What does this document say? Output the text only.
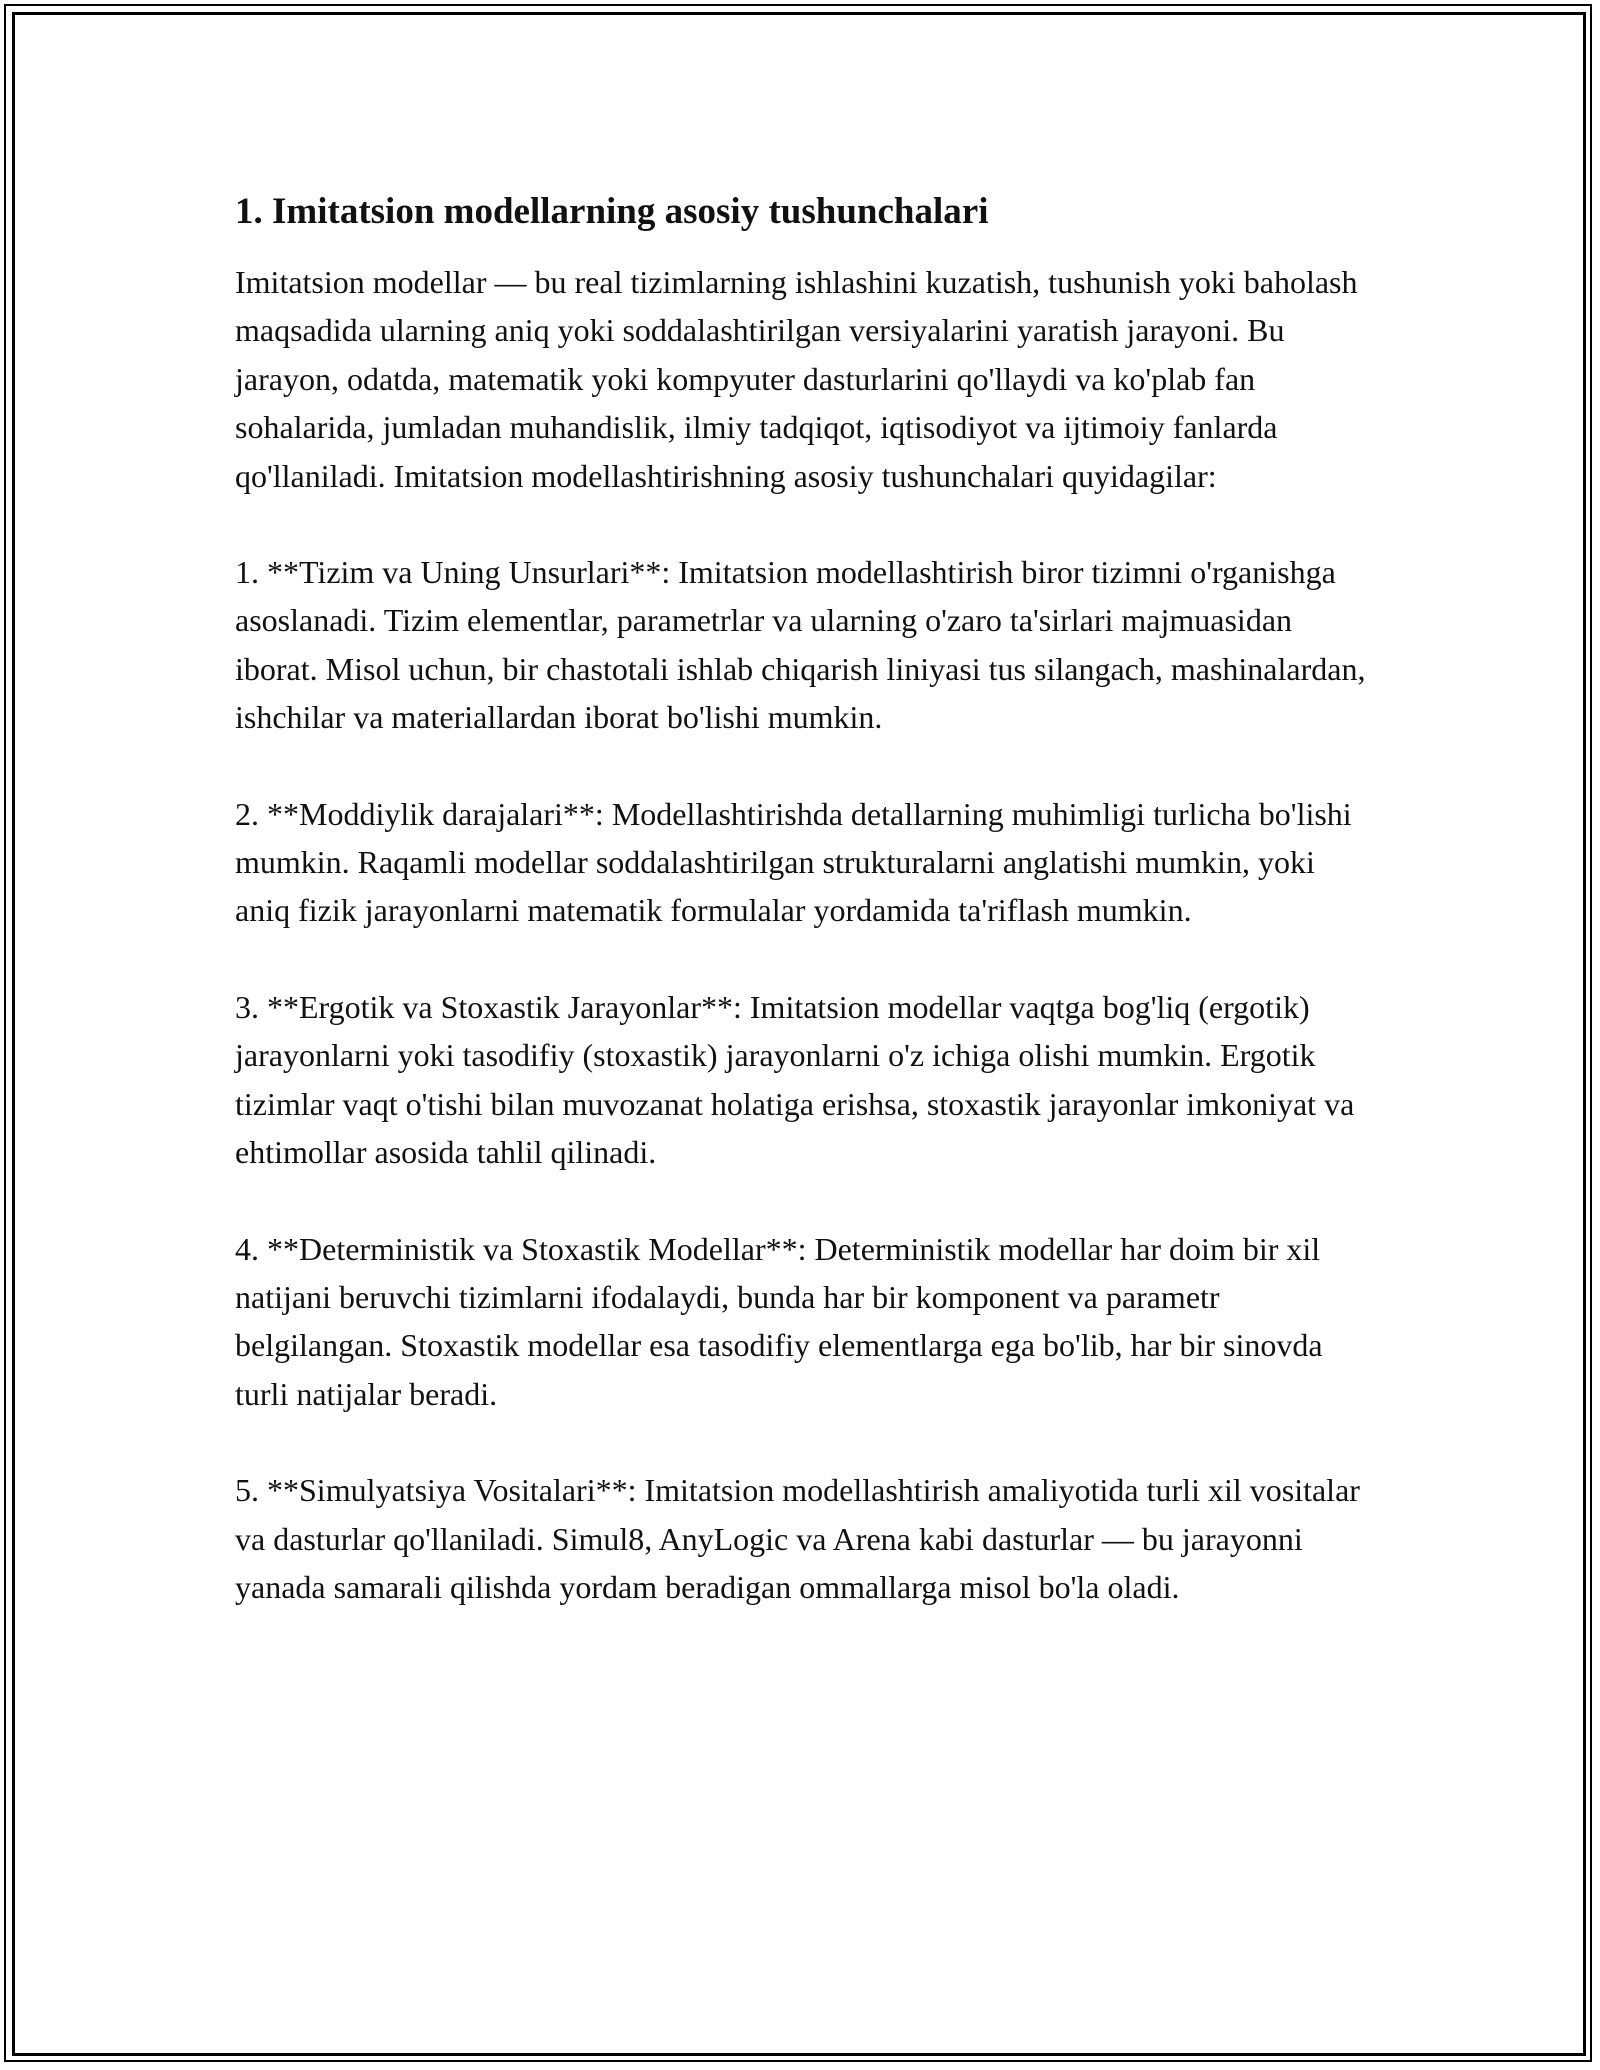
1. Imitatsion modellarning asosiy tushunchalari

Imitatsion modellar — bu real tizimlarning ishlashini kuzatish, tushunish yoki baholash maqsadida ularning aniq yoki soddalashtirilgan versiyalarini yaratish jarayoni. Bu jarayon, odatda, matematik yoki kompyuter dasturlarini qo'llaydi va ko'plab fan sohalarida, jumladan muhandislik, ilmiy tadqiqot, iqtisodiyot va ijtimoiy fanlarda qo'llaniladi. Imitatsion modellashtirishning asosiy tushunchalari quyidagilar:

1. **Tizim va Uning Unsurlari**: Imitatsion modellashtirish biror tizimni o'rganishga asoslanadi. Tizim elementlar, parametrlar va ularning o'zaro ta'sirlari majmuasidan iborat. Misol uchun, bir chastotali ishlab chiqarish liniyasi tus silangach, mashinalardan, ishchilar va materiallardan iborat bo'lishi mumkin.

2. **Moddiylik darajalari**: Modellashtirishda detallarning muhimligi turlicha bo'lishi mumkin. Raqamli modellar soddalashtirilgan strukturalarni anglatishi mumkin, yoki aniq fizik jarayonlarni matematik formulalar yordamida ta'riflash mumkin.

3. **Ergotik va Stoxastik Jarayonlar**: Imitatsion modellar vaqtga bog'liq (ergotik) jarayonlarni yoki tasodifiy (stoxastik) jarayonlarni o'z ichiga olishi mumkin. Ergotik tizimlar vaqt o'tishi bilan muvozanat holatiga erishsa, stoxastik jarayonlar imkoniyat va ehtimollar asosida tahlil qilinadi.

4. **Deterministik va Stoxastik Modellar**: Deterministik modellar har doim bir xil natijani beruvchi tizimlarni ifodalaydi, bunda har bir komponent va parametr belgilangan. Stoxastik modellar esa tasodifiy elementlarga ega bo'lib, har bir sinovda turli natijalar beradi.

5. **Simulyatsiya Vositalari**: Imitatsion modellashtirish amaliyotida turli xil vositalar va dasturlar qo'llaniladi. Simul8, AnyLogic va Arena kabi dasturlar — bu jarayonni yanada samarali qilishda yordam beradigan ommallarga misol bo'la oladi.
